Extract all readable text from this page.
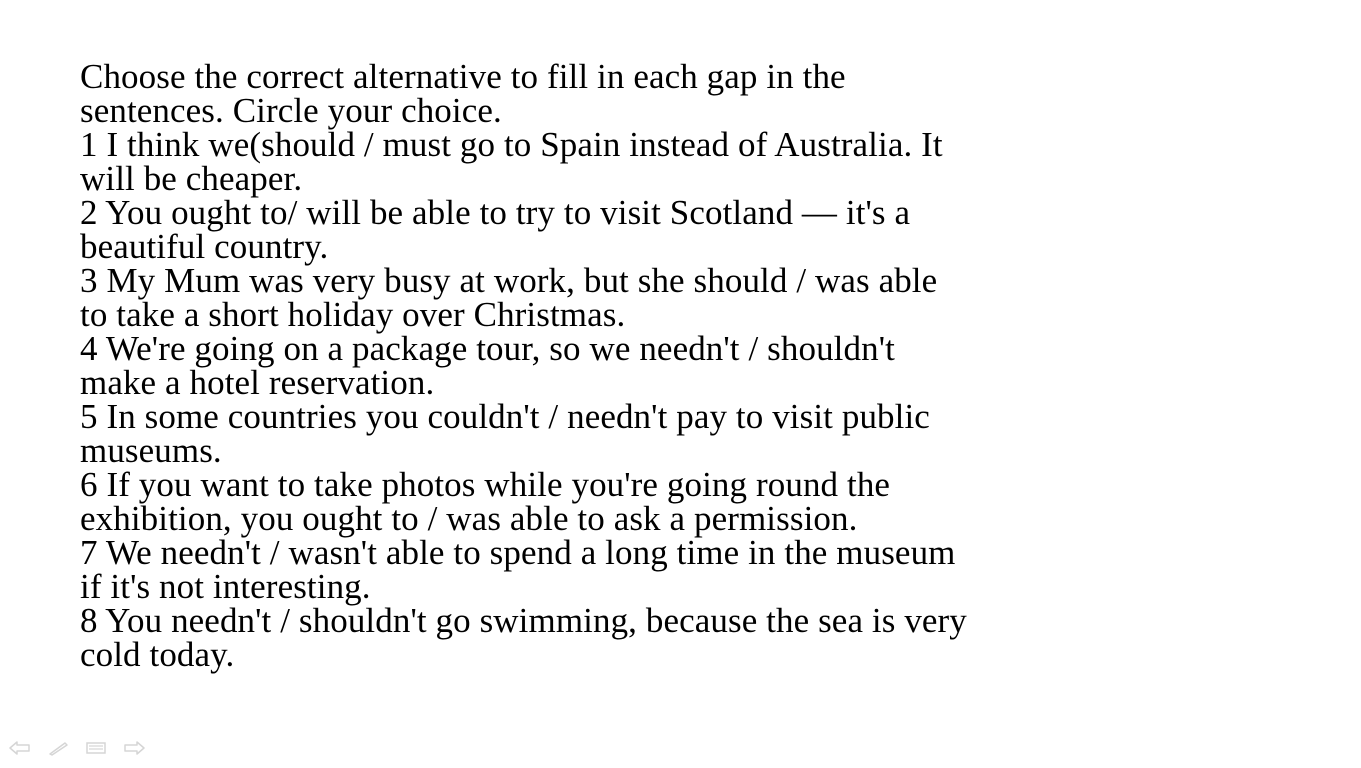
Choose the correct alternative to fill in each gap in the
sentences. Circle your choice.
1 I think we(should / must go to Spain instead of Australia. It
will be cheaper.
2 You ought to/ will be able to try to visit Scotland — it's a
beautiful country.
3 My Mum was very busy at work, but she should / was able
to take a short holiday over Christmas.
4 We're going on a package tour, so we needn't / shouldn't
make a hotel reservation.
5 In some countries you couldn't / needn't pay to visit public
museums.
6 If you want to take photos while you're going round the
exhibition, you ought to / was able to ask a permission.
7 We needn't / wasn't able to spend a long time in the museum
if it's not interesting.
8 You needn't / shouldn't go swimming, because the sea is very
cold today.
